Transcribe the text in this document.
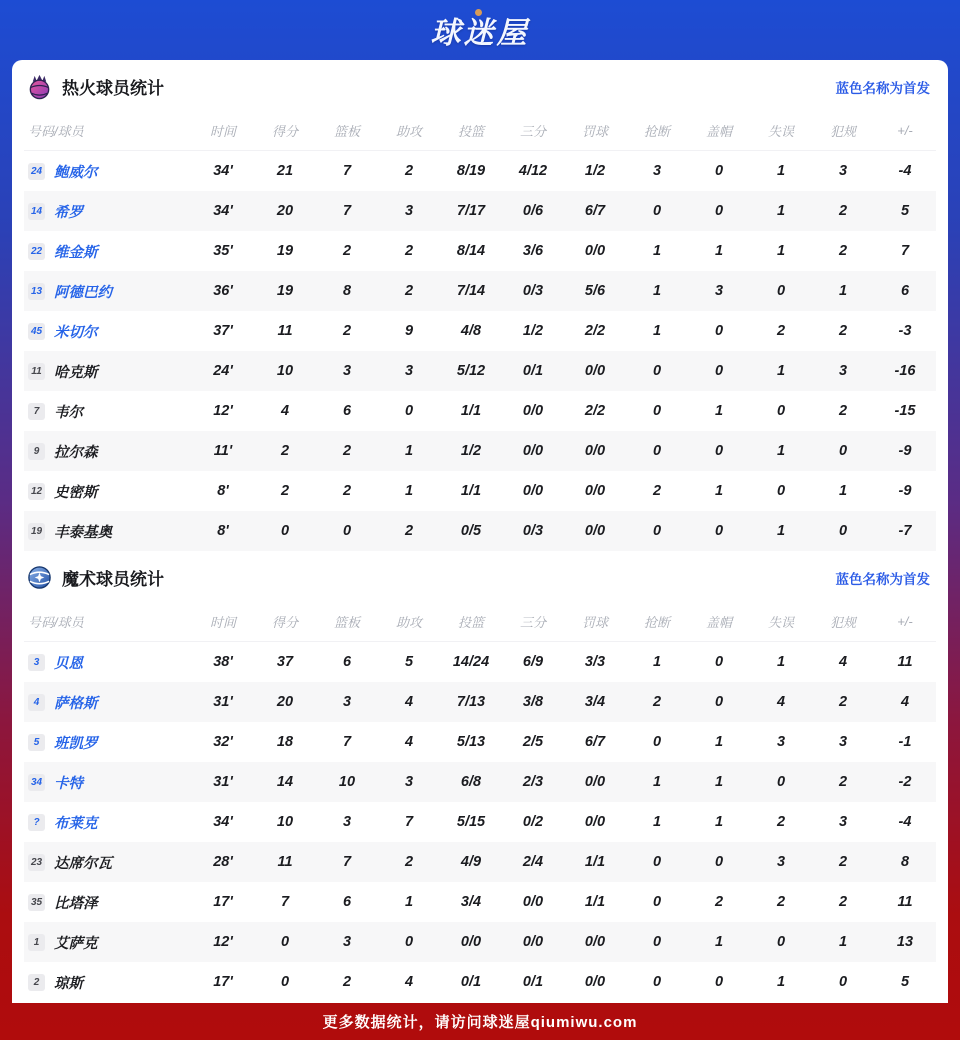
球迷屋
热火球员统计	蓝色名称为首发
号码/球员	时间	得分	篮板	助攻	投篮	三分	罚球	抢断	盖帽	失误	犯规	+/-
24 鲍威尔	34'	21	7	2	8/19	4/12	1/2	3	0	1	3	-4
14 希罗	34'	20	7	3	7/17	0/6	6/7	0	0	1	2	5
22 维金斯	35'	19	2	2	8/14	3/6	0/0	1	1	1	2	7
13 阿德巴约	36'	19	8	2	7/14	0/3	5/6	1	3	0	1	6
45 米切尔	37'	11	2	9	4/8	1/2	2/2	1	0	2	2	-3
11 哈克斯	24'	10	3	3	5/12	0/1	0/0	0	0	1	3	-16
7	韦尔	12'	4	6	0	1/1	0/0	2/2	0	1	0	2	-15
9	拉尔森	11'	2	2	1	1/2	0/0	0/0	0	0	1	0	-9
12 史密斯	8'	2	2	1	1/1	0/0	0/0	2	1	0	1	-9
19 丰泰基奥	8'	0	0	2	0/5	0/3	0/0	0	0	1	0	-7
魔术球员统计	蓝色名称为首发
号码/球员	时间	得分	篮板	助攻	投篮	三分	罚球	抢断	盖帽	失误	犯规	+/-
3	贝恩	38'	37	6	5	14/24	6/9	3/3	1	0	1	4	11
4	萨格斯	31'	20	3	4	7/13	3/8	3/4	2	0	4	2	4
5	班凯罗	32'	18	7	4	5/13	2/5	6/7	0	1	3	3	-1
34 卡特	31'	14	10	3	6/8	2/3	0/0	1	1	0	2	-2
? 布莱克	34'	10	3	7	5/15	0/2	0/0	1	1	2	3	-4
23 达席尔瓦	28'	11	7	2	4/9	2/4	1/1	0	0	3	2	8
35 比塔泽	17'	7	6	1	3/4	0/0	1/1	0	2	2	2	11
1	艾萨克	12'	0	3	0	0/0	0/0	0/0	0	1	0	1	13
2	琼斯	17'	0	2	4	0/1	0/1	0/0	0	0	1	0	5
更多数据统计，请访问球迷屋qiumiwu.com
